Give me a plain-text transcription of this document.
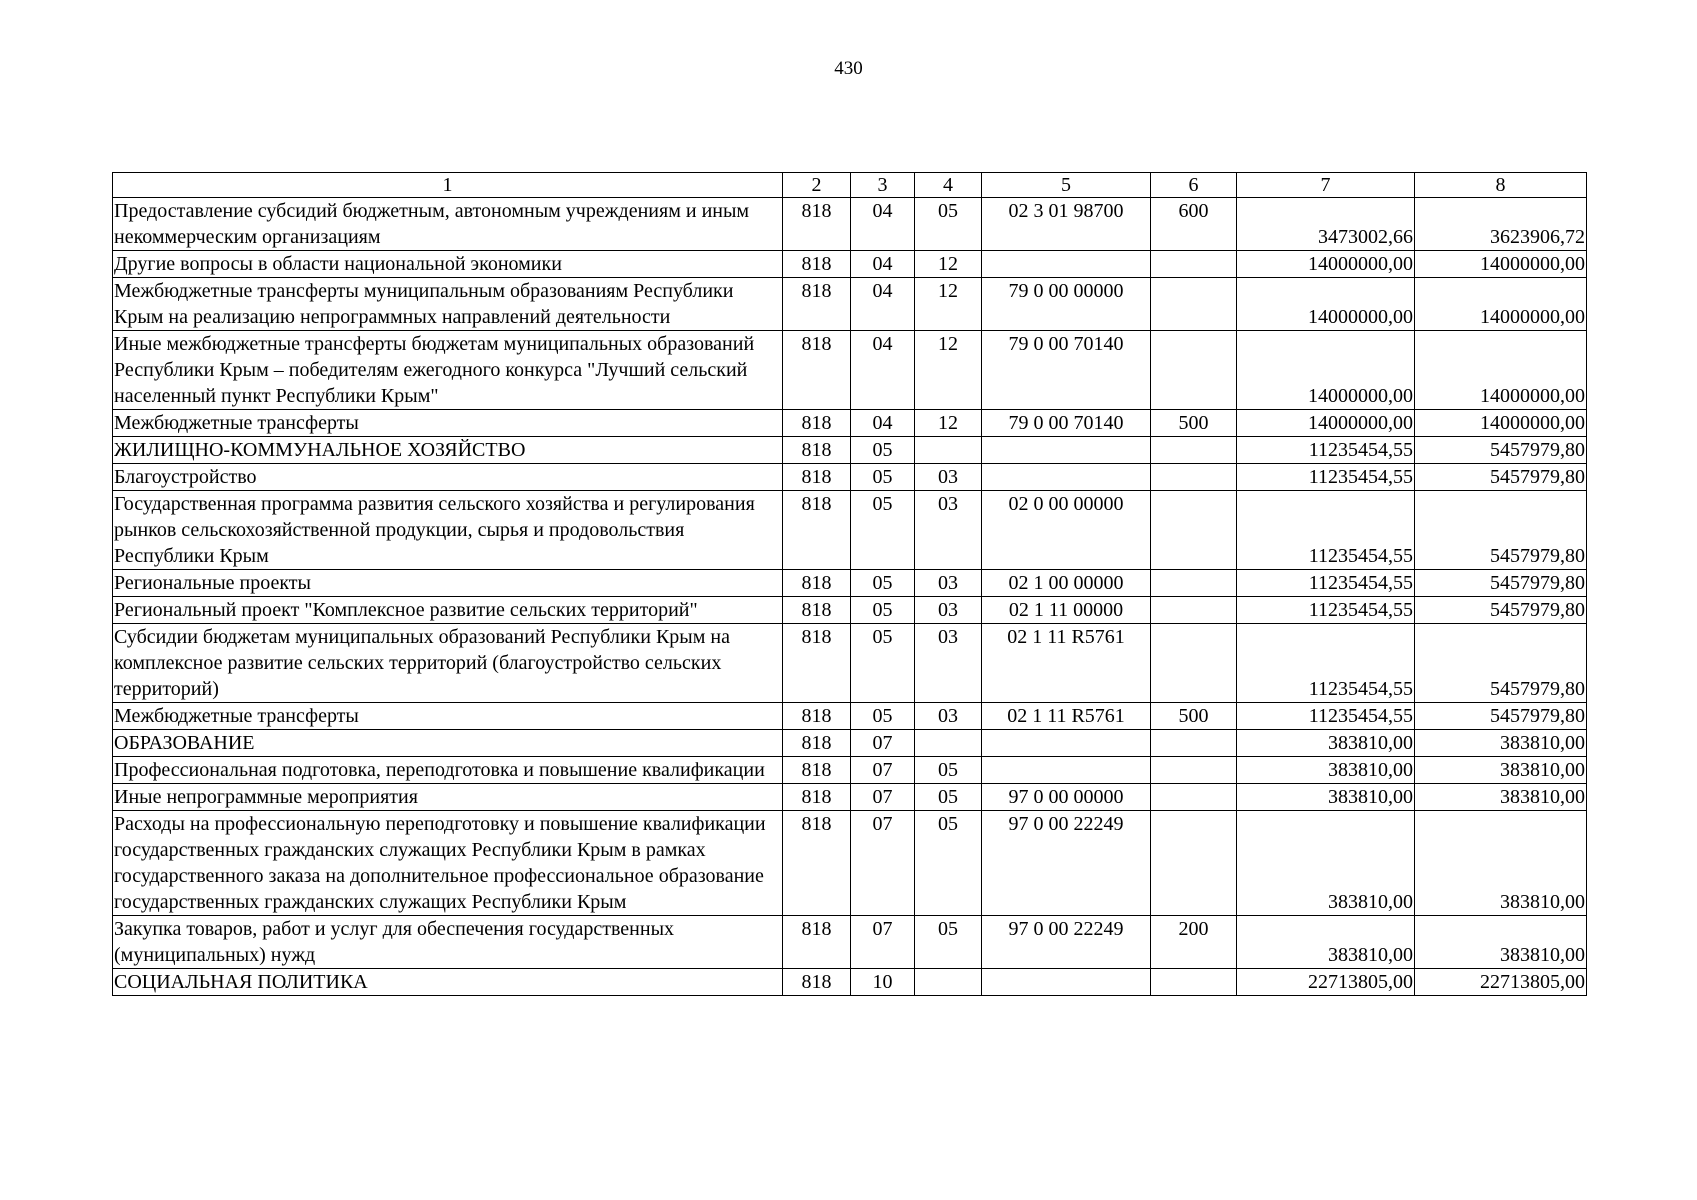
430
1	2	3	4	5	6	7	8
Предоставление субсидий бюджетным, автономным учреждениям и иным некоммерческим организациям	818	04	05	02 3 01 98700	600	3473002,66	3623906,72
Другие вопросы в области национальной экономики	818	04	12			14000000,00	14000000,00
Межбюджетные трансферты муниципальным образованиям Республики Крым на реализацию непрограммных направлений деятельности	818	04	12	79 0 00 00000		14000000,00	14000000,00
Иные межбюджетные трансферты бюджетам муниципальных образований Республики Крым – победителям ежегодного конкурса "Лучший сельский населенный пункт Республики Крым"	818	04	12	79 0 00 70140		14000000,00	14000000,00
Межбюджетные трансферты	818	04	12	79 0 00 70140	500	14000000,00	14000000,00
ЖИЛИЩНО-КОММУНАЛЬНОЕ ХОЗЯЙСТВО	818	05				11235454,55	5457979,80
Благоустройство	818	05	03			11235454,55	5457979,80
Государственная программа развития сельского хозяйства и регулирования рынков сельскохозяйственной продукции, сырья и продовольствия Республики Крым	818	05	03	02 0 00 00000		11235454,55	5457979,80
Региональные проекты	818	05	03	02 1 00 00000		11235454,55	5457979,80
Региональный проект "Комплексное развитие сельских территорий"	818	05	03	02 1 11 00000		11235454,55	5457979,80
Субсидии бюджетам муниципальных образований Республики Крым на комплексное развитие сельских территорий (благоустройство сельских территорий)	818	05	03	02 1 11 R5761		11235454,55	5457979,80
Межбюджетные трансферты	818	05	03	02 1 11 R5761	500	11235454,55	5457979,80
ОБРАЗОВАНИЕ	818	07				383810,00	383810,00
Профессиональная подготовка, переподготовка и повышение квалификации	818	07	05			383810,00	383810,00
Иные непрограммные мероприятия	818	07	05	97 0 00 00000		383810,00	383810,00
Расходы на профессиональную переподготовку и повышение квалификации государственных гражданских служащих Республики Крым в рамках государственного заказа на дополнительное профессиональное образование государственных гражданских служащих Республики Крым	818	07	05	97 0 00 22249		383810,00	383810,00
Закупка товаров, работ и услуг для обеспечения государственных (муниципальных) нужд	818	07	05	97 0 00 22249	200	383810,00	383810,00
СОЦИАЛЬНАЯ ПОЛИТИКА	818	10				22713805,00	22713805,00
